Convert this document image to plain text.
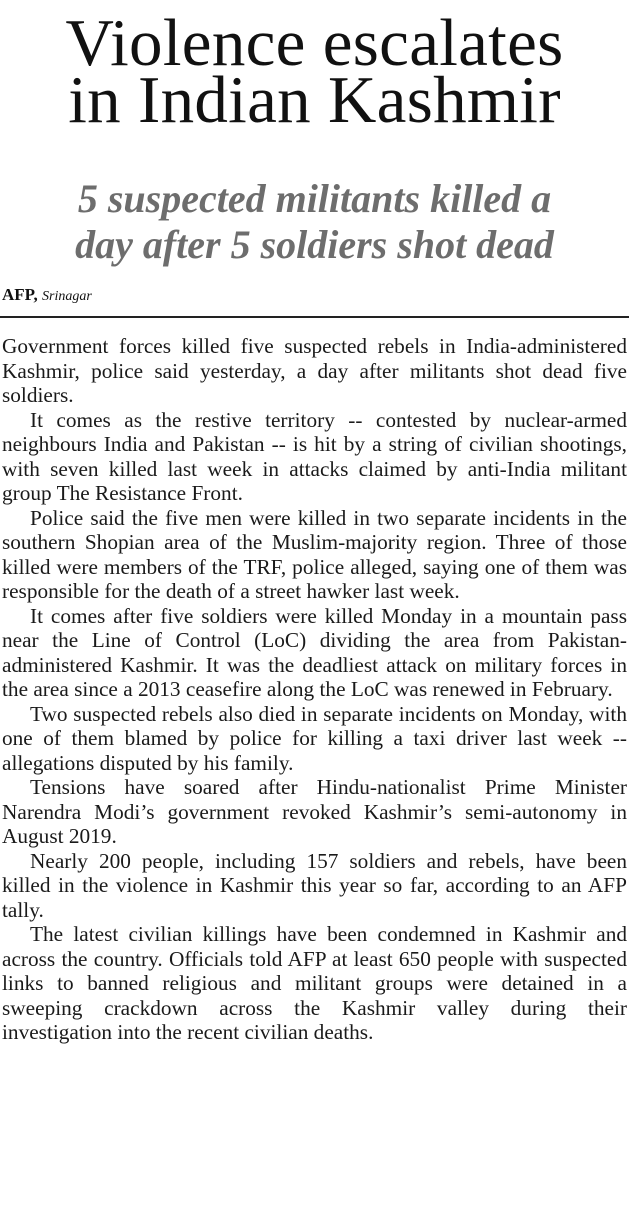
Violence escalates
in Indian Kashmir
5 suspected militants killed a
day after 5 soldiers shot dead
AFP, Srinagar

Government forces killed five suspected rebels in India-administered Kashmir, police said yesterday, a day after militants shot dead five soldiers.

It comes as the restive territory -- contested by nuclear-armed neighbours India and Pakistan -- is hit by a string of civilian shootings, with seven killed last week in attacks claimed by anti-India militant group The Resistance Front.

Police said the five men were killed in two separate incidents in the southern Shopian area of the Muslim-majority region. Three of those killed were members of the TRF, police alleged, saying one of them was responsible for the death of a street hawker last week.

It comes after five soldiers were killed Monday in a mountain pass near the Line of Control (LoC) dividing the area from Pakistan-administered Kashmir. It was the deadliest attack on military forces in the area since a 2013 ceasefire along the LoC was renewed in February.

Two suspected rebels also died in separate incidents on Monday, with one of them blamed by police for killing a taxi driver last week -- allegations disputed by his family.

Tensions have soared after Hindu-nationalist Prime Minister Narendra Modi’s government revoked Kashmir’s semi-autonomy in August 2019.

Nearly 200 people, including 157 soldiers and rebels, have been killed in the violence in Kashmir this year so far, according to an AFP tally.

The latest civilian killings have been condemned in Kashmir and across the country. Officials told AFP at least 650 people with suspected links to banned religious and militant groups were detained in a sweeping crackdown across the Kashmir valley during their investigation into the recent civilian deaths.
